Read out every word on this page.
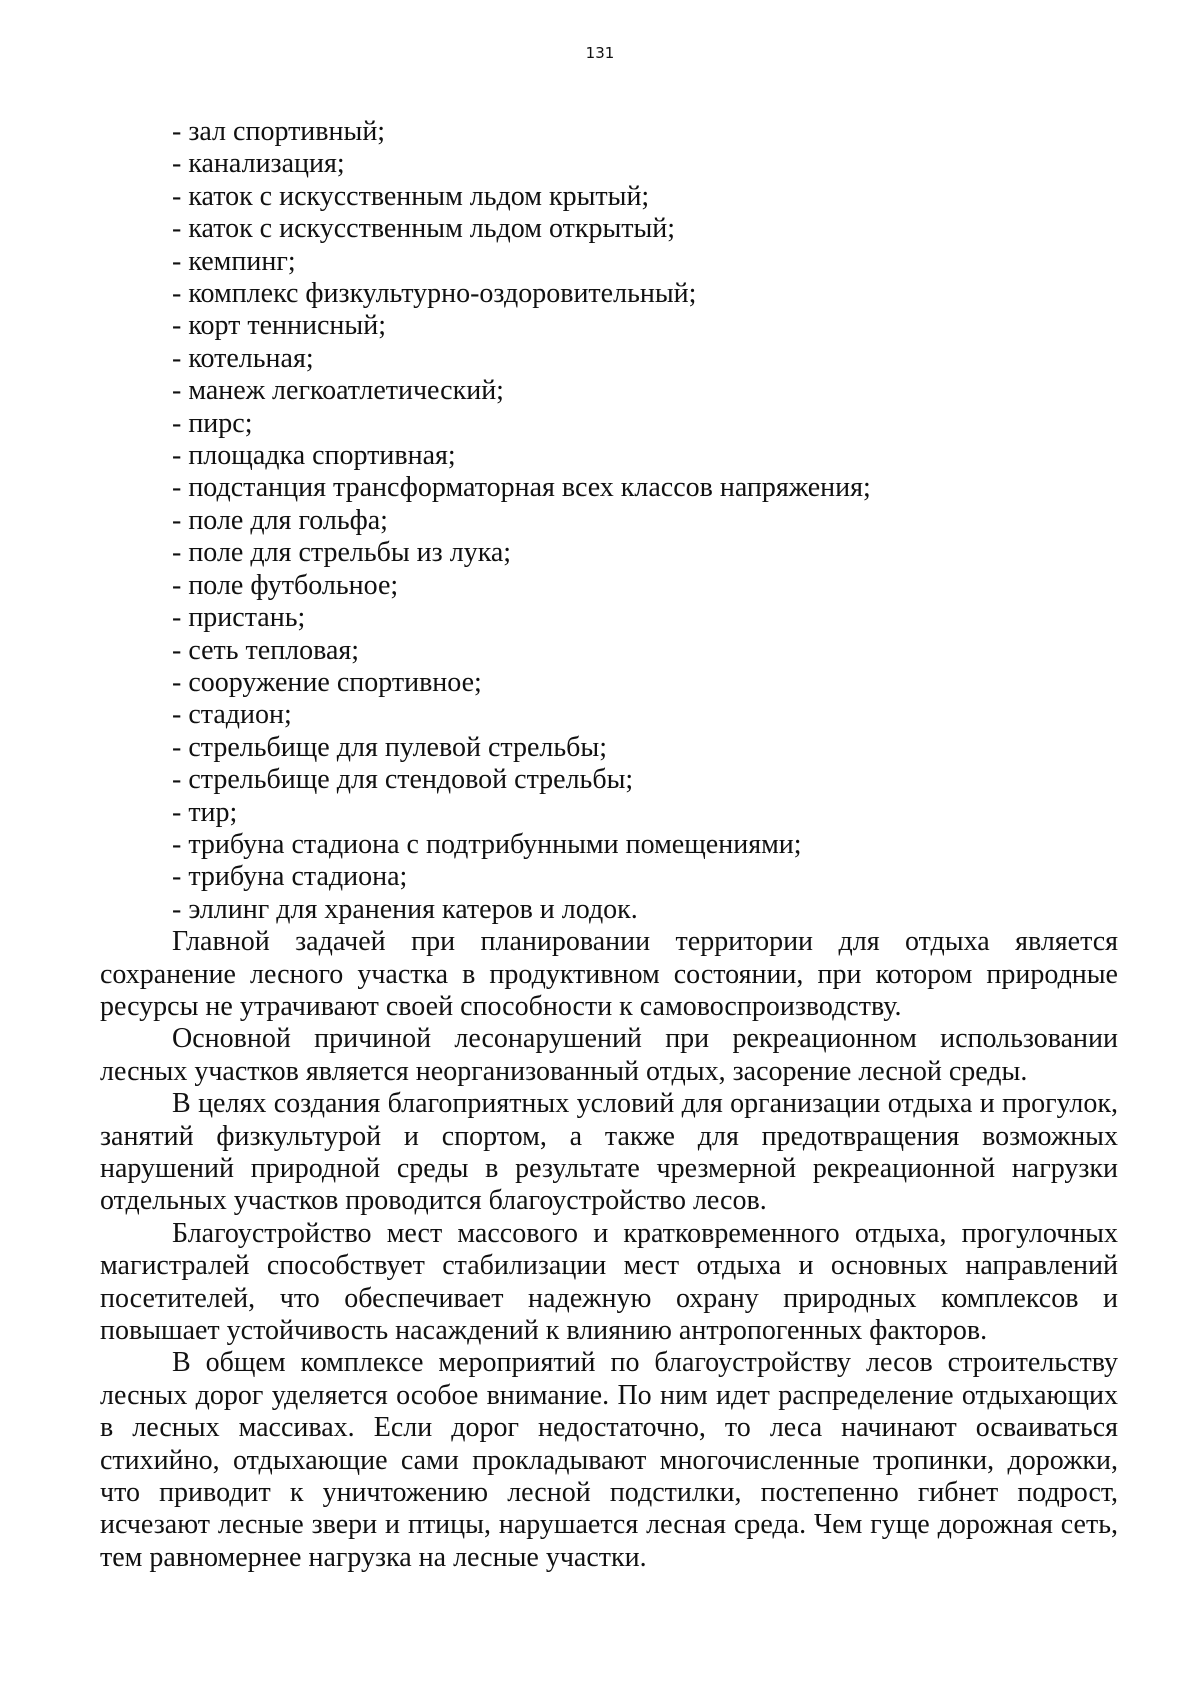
131
- зал спортивный;
- канализация;
- каток с искусственным льдом крытый;
- каток с искусственным льдом открытый;
- кемпинг;
- комплекс физкультурно-оздоровительный;
- корт теннисный;
- котельная;
- манеж легкоатлетический;
- пирс;
- площадка спортивная;
- подстанция трансформаторная всех классов напряжения;
- поле для гольфа;
- поле для стрельбы из лука;
- поле футбольное;
- пристань;
- сеть тепловая;
- сооружение спортивное;
- стадион;
- стрельбище для пулевой стрельбы;
- стрельбище для стендовой стрельбы;
- тир;
- трибуна стадиона с подтрибунными помещениями;
- трибуна стадиона;
- эллинг для хранения катеров и лодок.

Главной задачей при планировании территории для отдыха является сохранение лесного участка в продуктивном состоянии, при котором природные ресурсы не утрачивают своей способности к самовоспроизводству.

Основной причиной лесонарушений при рекреационном использовании лесных участков является неорганизованный отдых, засорение лесной среды.

В целях создания благоприятных условий для организации отдыха и прогулок, занятий физкультурой и спортом, а также для предотвращения возможных нарушений природной среды в результате чрезмерной рекреационной нагрузки отдельных участков проводится благоустройство лесов.

Благоустройство мест массового и кратковременного отдыха, прогулочных магистралей способствует стабилизации мест отдыха и основных направлений посетителей, что обеспечивает надежную охрану природных комплексов и повышает устойчивость насаждений к влиянию антропогенных факторов.

В общем комплексе мероприятий по благоустройству лесов строительству лесных дорог уделяется особое внимание. По ним идет распределение отдыхающих в лесных массивах. Если дорог недостаточно, то леса начинают осваиваться стихийно, отдыхающие сами прокладывают многочисленные тропинки, дорожки, что приводит к уничтожению лесной подстилки, постепенно гибнет подрост, исчезают лесные звери и птицы, нарушается лесная среда. Чем гуще дорожная сеть, тем равномернее нагрузка на лесные участки.
